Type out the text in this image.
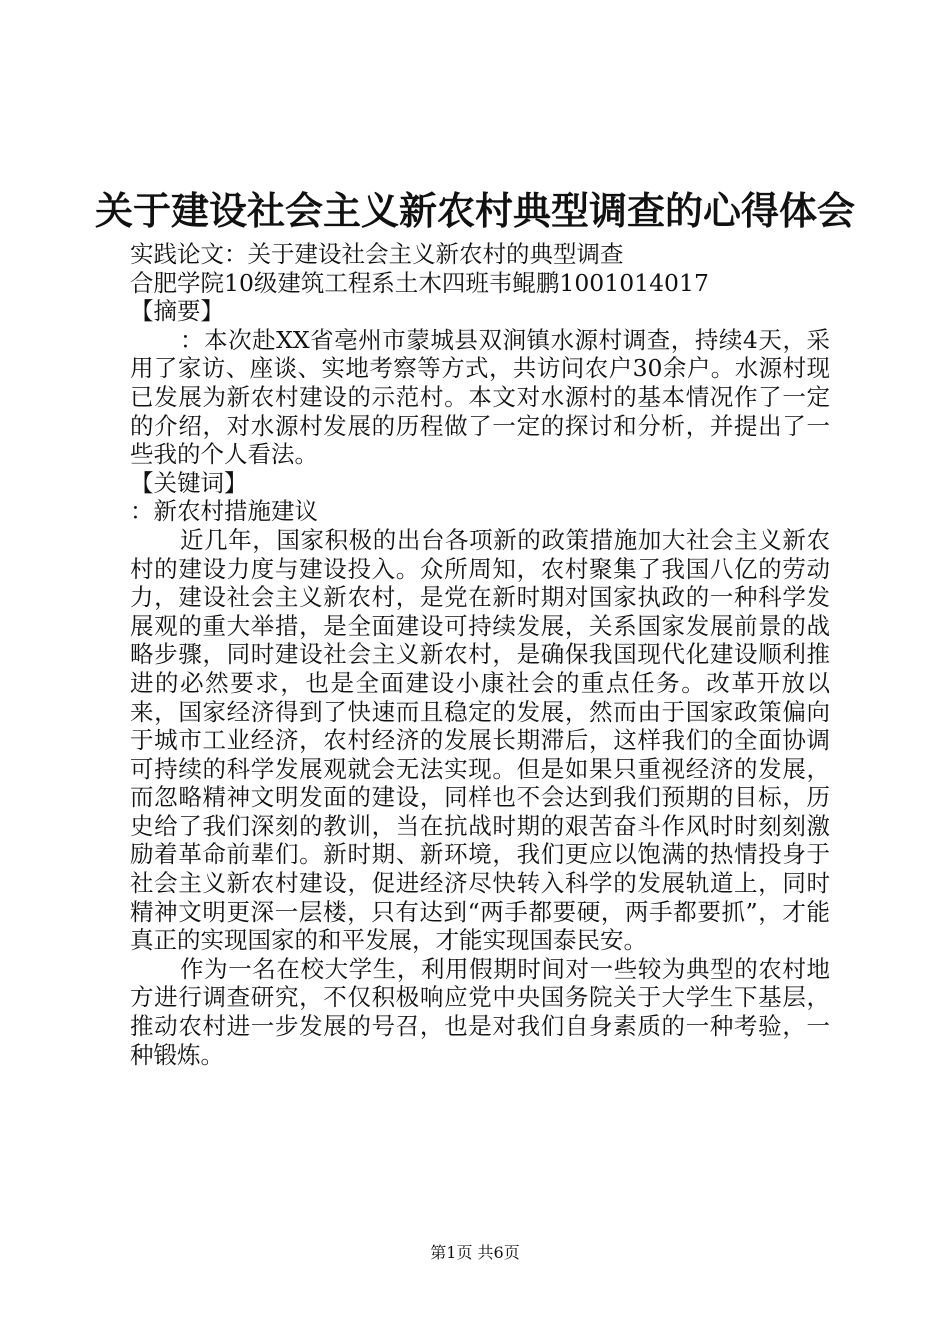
关于建设社会主义新农村典型调查的心得体会

实践论文：关于建设社会主义新农村的典型调查

合肥学院10级建筑工程系土木四班韦鲲鹏1001014017

【摘要】

：本次赴XX省亳州市蒙城县双涧镇水源村调查，持续4天，采用了家访、座谈、实地考察等方式，共访问农户30余户。水源村现已发展为新农村建设的示范村。本文对水源村的基本情况作了一定的介绍，对水源村发展的历程做了一定的探讨和分析，并提出了一些我的个人看法。

【关键词】

：新农村措施建议

近几年，国家积极的出台各项新的政策措施加大社会主义新农村的建设力度与建设投入。众所周知，农村聚集了我国八亿的劳动力，建设社会主义新农村，是党在新时期对国家执政的一种科学发展观的重大举措，是全面建设可持续发展，关系国家发展前景的战略步骤，同时建设社会主义新农村，是确保我国现代化建设顺利推进的必然要求，也是全面建设小康社会的重点任务。改革开放以来，国家经济得到了快速而且稳定的发展，然而由于国家政策偏向于城市工业经济，农村经济的发展长期滞后，这样我们的全面协调可持续的科学发展观就会无法实现。但是如果只重视经济的发展，而忽略精神文明发面的建设，同样也不会达到我们预期的目标，历史给了我们深刻的教训，当在抗战时期的艰苦奋斗作风时时刻刻激励着革命前辈们。新时期、新环境，我们更应以饱满的热情投身于社会主义新农村建设，促进经济尽快转入科学的发展轨道上，同时精神文明更深一层楼，只有达到“两手都要硬，两手都要抓”，才能真正的实现国家的和平发展，才能实现国泰民安。

作为一名在校大学生，利用假期时间对一些较为典型的农村地方进行调查研究，不仅积极响应党中央国务院关于大学生下基层，推动农村进一步发展的号召，也是对我们自身素质的一种考验，一种锻炼。

第1页 共6页
